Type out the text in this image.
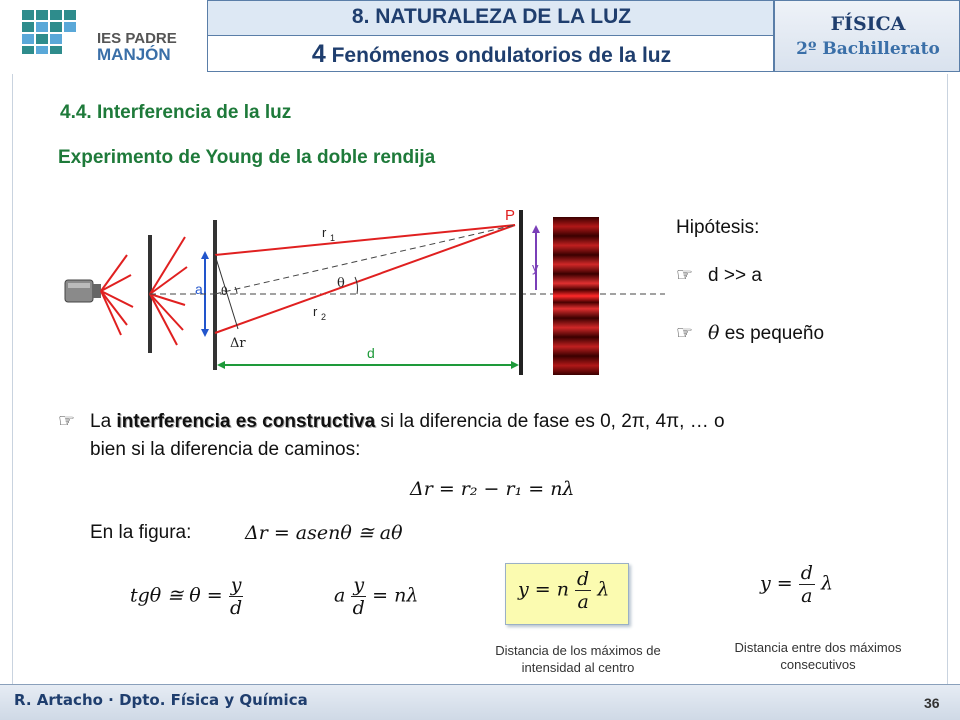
IES PADRE
MANJÓN
8. NATURALEZA DE LA LUZ
4 Fenómenos ondulatorios de la luz
FÍSICA
2º Bachillerato
4.4. Interferencia de la luz
Experimento de Young de la doble rendija
P
r 1
r 2
θ
θ
a
y
Δr
d
Hipótesis:
☞ d >> a
☞ θ es pequeño
☞ La interferencia es constructiva si la diferencia de fase es 0, 2π, 4π, … o
bien si la diferencia de caminos:
Δr = r₂ − r₁ = nλ
En la figura:	Δr = asenθ ≅ aθ
tgθ ≅ $\theta = \frac{y}{d}$	a $\frac{y}{d} = n\lambda$	y = n $\frac{d}{a}$ λ	$y = \frac{d}{a}$ λ
Distancia de los máximos de intensidad al centro
Distancia entre dos máximos consecutivos
R. Artacho · Dpto. Física y Química	36
